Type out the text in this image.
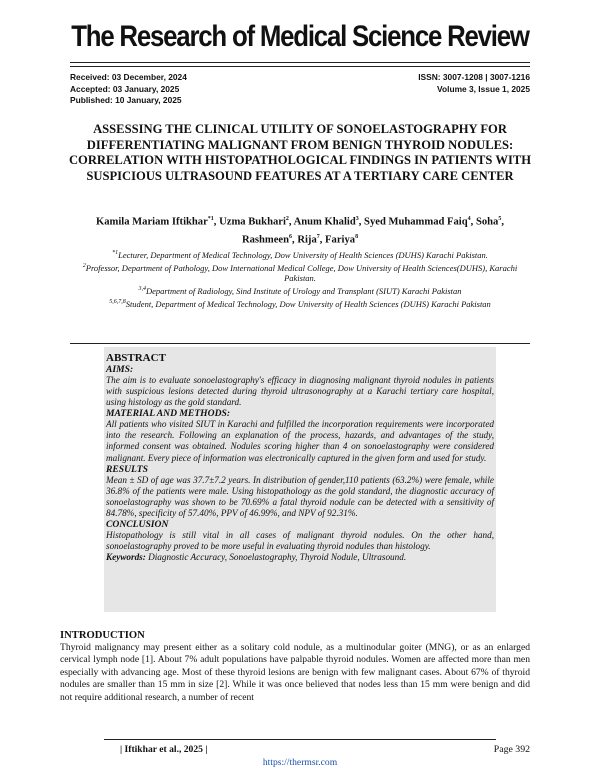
The Research of Medical Science Review
Received: 03 December, 2024
Accepted: 03 January, 2025
Published: 10 January, 2025
ISSN: 3007-1208 | 3007-1216
Volume 3, Issue 1, 2025
ASSESSING THE CLINICAL UTILITY OF SONOELASTOGRAPHY FOR DIFFERENTIATING MALIGNANT FROM BENIGN THYROID NODULES: CORRELATION WITH HISTOPATHOLOGICAL FINDINGS IN PATIENTS WITH SUSPICIOUS ULTRASOUND FEATURES AT A TERTIARY CARE CENTER
Kamila Mariam Iftikhar$^{*1}$, Uzma Bukhari$^2$, Anum Khalid$^3$, Syed Muhammad Faiq$^4$, Soha$^5$,
Rashmeen$^6$, Rija$^7$, Fariya$^8$

$^{*1}$Lecturer, Department of Medical Technology, Dow University of Health Sciences (DUHS) Karachi Pakistan.

$^2$Professor, Department of Pathology, Dow International Medical College, Dow University of Health Sciences(DUHS), Karachi Pakistan.

$^{3,4}$Department of Radiology, Sind Institute of Urology and Transplant (SIUT) Karachi Pakistan

$^{5,6,7,8}$Student, Department of Medical Technology, Dow University of Health Sciences (DUHS) Karachi Pakistan

ABSTRACT
AIMS:

The aim is to evaluate sonoelastography's efficacy in diagnosing malignant thyroid nodules in patients with suspicious lesions detected during thyroid ultrasonography at a Karachi tertiary care hospital, using histology as the gold standard.

MATERIAL AND METHODS:

All patients who visited SIUT in Karachi and fulfilled the incorporation requirements were incorporated into the research. Following an explanation of the process, hazards, and advantages of the study, informed consent was obtained. Nodules scoring higher than 4 on sonoelastography were considered malignant. Every piece of information was electronically captured in the given form and used for study.

RESULTS

Mean ± SD of age was 37.7±7.2 years. In distribution of gender,110 patients (63.2%) were female, while 36.8% of the patients were male. Using histopathology as the gold standard, the diagnostic accuracy of sonoelastography was shown to be 70.69% a fatal thyroid nodule can be detected with a sensitivity of 84.78%, specificity of 57.40%, PPV of 46.99%, and NPV of 92.31%.

CONCLUSION

Histopathology is still vital in all cases of malignant thyroid nodules. On the other hand, sonoelastography proved to be more useful in evaluating thyroid nodules than histology.

Keywords: Diagnostic Accuracy, Sonoelastography, Thyroid Nodule, Ultrasound.

INTRODUCTION

Thyroid malignancy may present either as a solitary cold nodule, as a multinodular goiter (MNG), or as an enlarged cervical lymph node [1]. About 7% adult populations have palpable thyroid nodules. Women are affected more than men especially with advancing age. Most of these thyroid lesions are benign with few malignant cases. About 67% of thyroid nodules are smaller than 15 mm in size [2]. While it was once believed that nodes less than 15 mm were benign and did not require additional research, a number of recent

| Iftikhar et al., 2025 |	Page 392
https://thermsr.com
